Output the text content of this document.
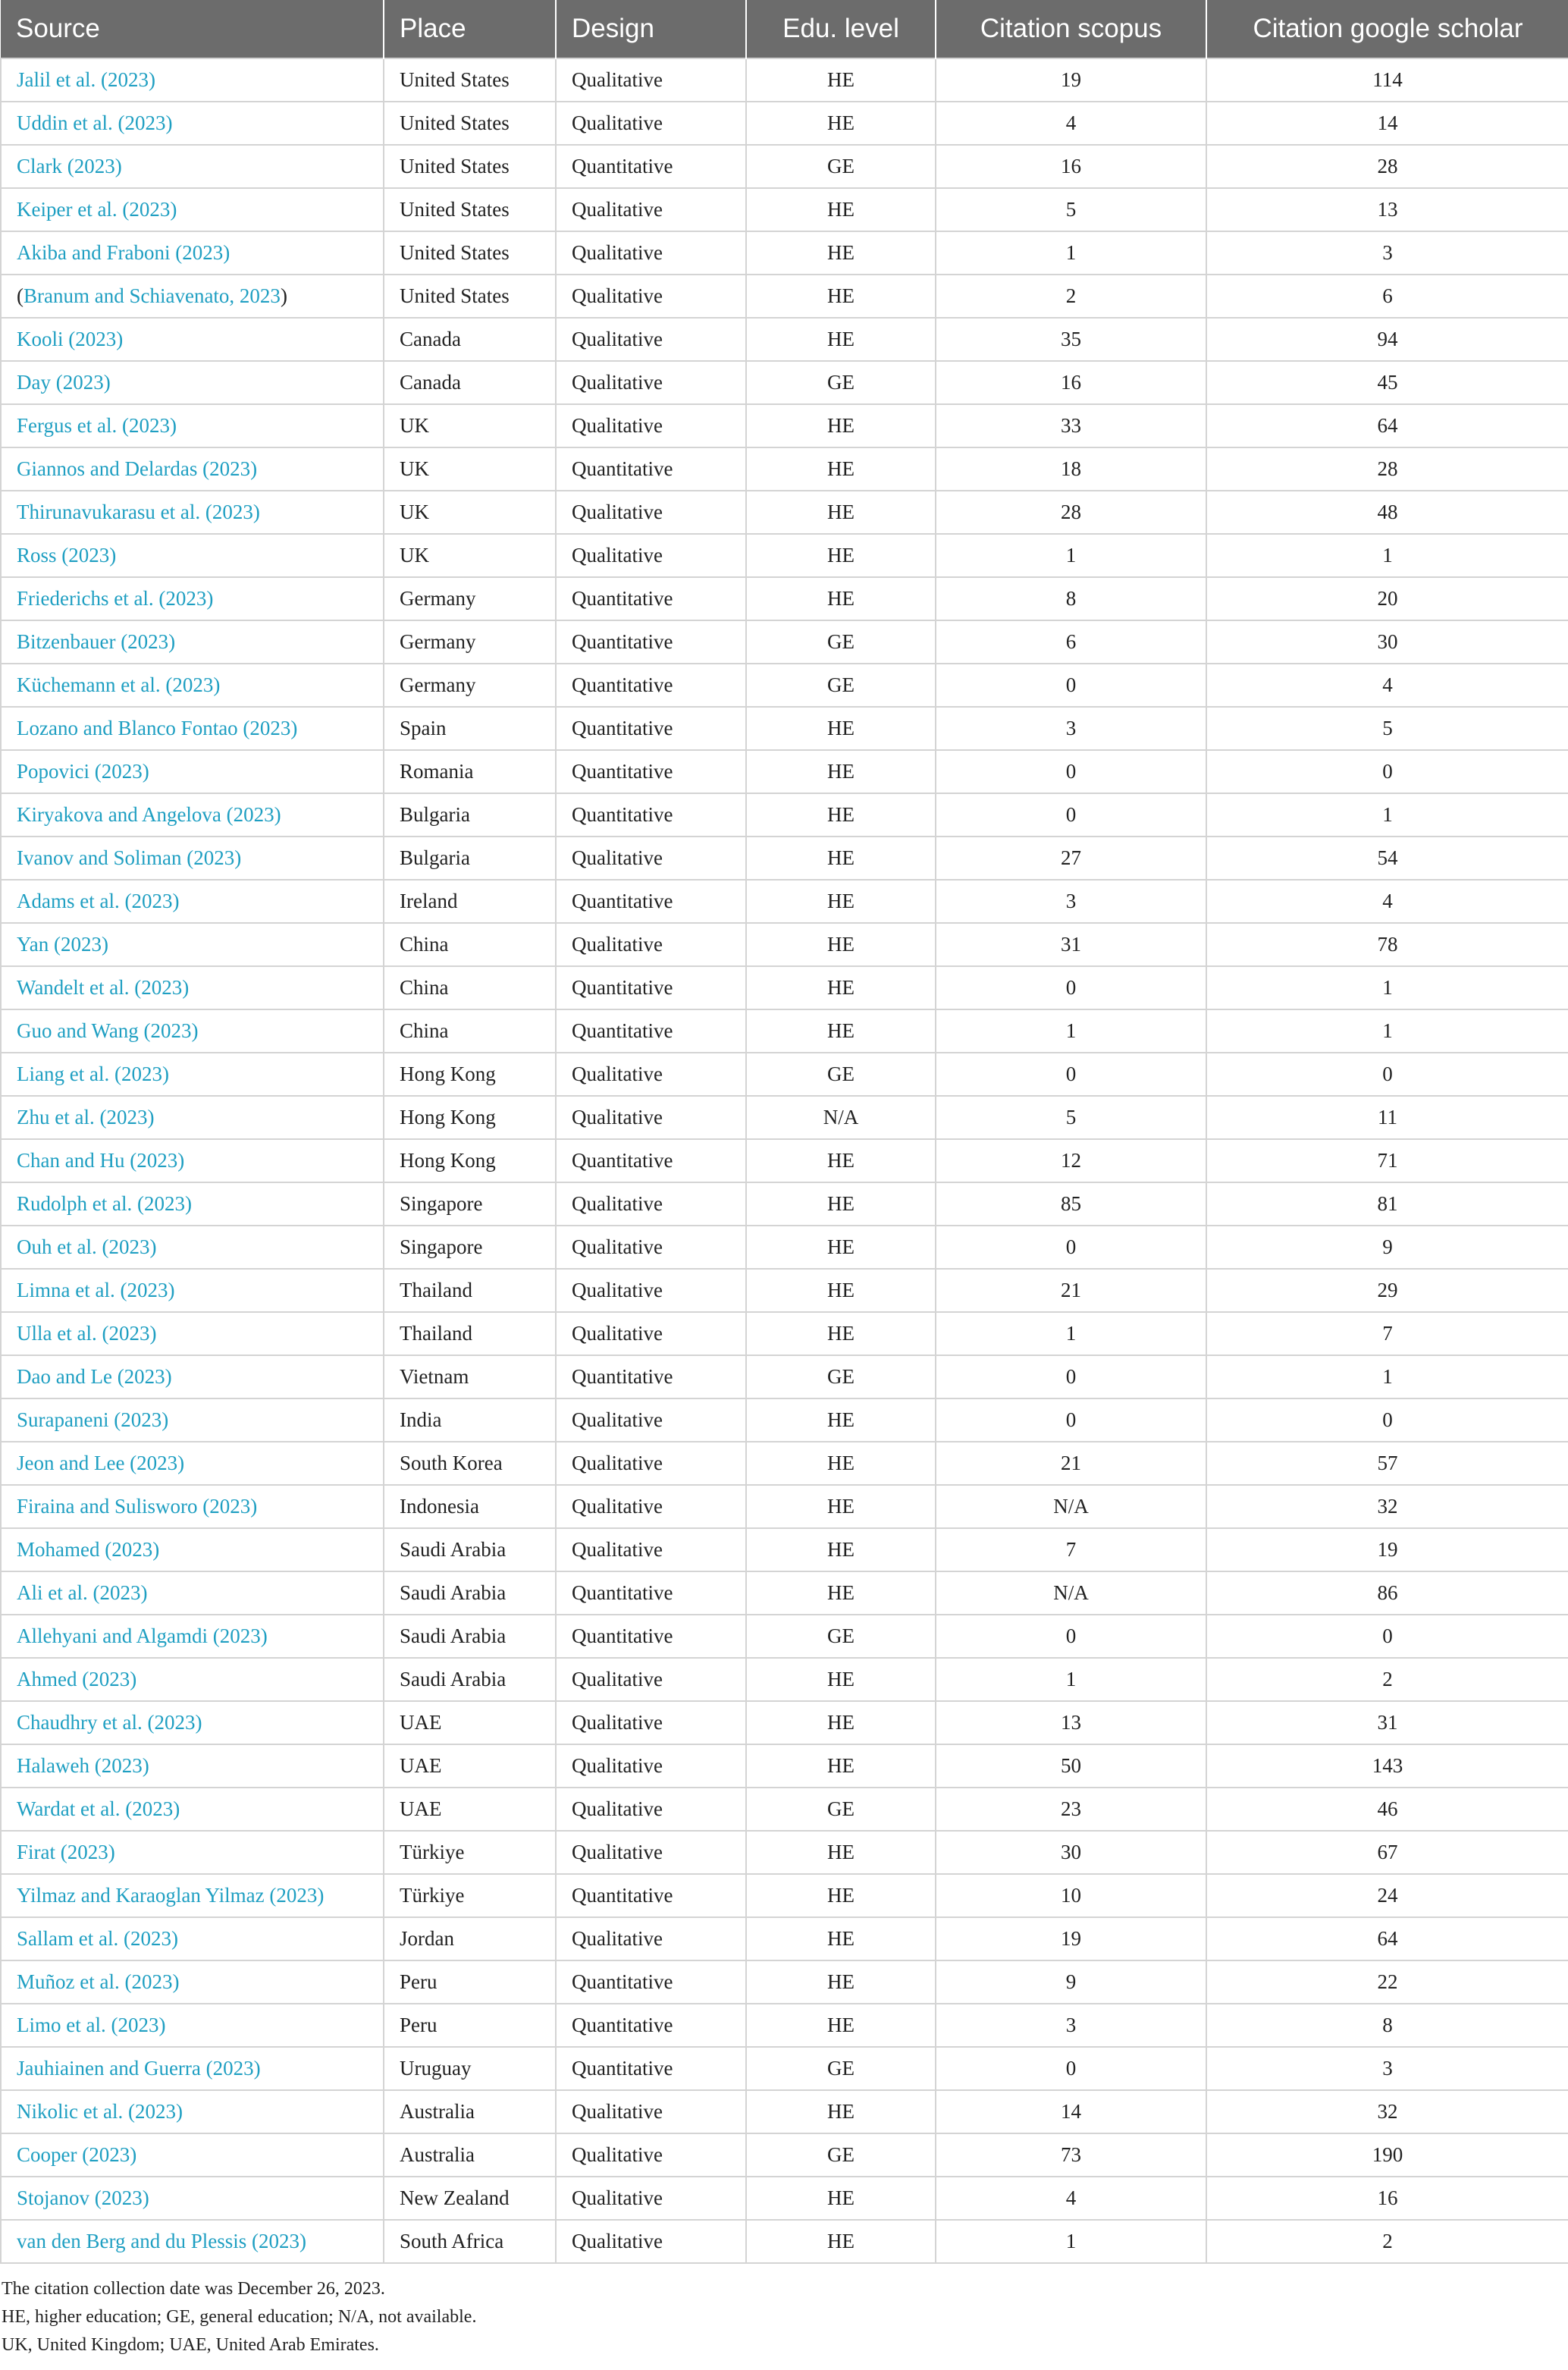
Source	Place	Design	Edu. level	Citation scopus	Citation google scholar
Jalil et al. (2023)	United States	Qualitative	HE	19	114
Uddin et al. (2023)	United States	Qualitative	HE	4	14
Clark (2023)	United States	Quantitative	GE	16	28
Keiper et al. (2023)	United States	Qualitative	HE	5	13
Akiba and Fraboni (2023)	United States	Qualitative	HE	1	3
(Branum and Schiavenato, 2023)	United States	Qualitative	HE	2	6
Kooli (2023)	Canada	Qualitative	HE	35	94
Day (2023)	Canada	Qualitative	GE	16	45
Fergus et al. (2023)	UK	Qualitative	HE	33	64
Giannos and Delardas (2023)	UK	Quantitative	HE	18	28
Thirunavukarasu et al. (2023)	UK	Qualitative	HE	28	48
Ross (2023)	UK	Qualitative	HE	1	1
Friederichs et al. (2023)	Germany	Quantitative	HE	8	20
Bitzenbauer (2023)	Germany	Quantitative	GE	6	30
Küchemann et al. (2023)	Germany	Quantitative	GE	0	4
Lozano and Blanco Fontao (2023)	Spain	Quantitative	HE	3	5
Popovici (2023)	Romania	Quantitative	HE	0	0
Kiryakova and Angelova (2023)	Bulgaria	Quantitative	HE	0	1
Ivanov and Soliman (2023)	Bulgaria	Qualitative	HE	27	54
Adams et al. (2023)	Ireland	Quantitative	HE	3	4
Yan (2023)	China	Qualitative	HE	31	78
Wandelt et al. (2023)	China	Quantitative	HE	0	1
Guo and Wang (2023)	China	Quantitative	HE	1	1
Liang et al. (2023)	Hong Kong	Qualitative	GE	0	0
Zhu et al. (2023)	Hong Kong	Qualitative	N/A	5	11
Chan and Hu (2023)	Hong Kong	Quantitative	HE	12	71
Rudolph et al. (2023)	Singapore	Qualitative	HE	85	81
Ouh et al. (2023)	Singapore	Qualitative	HE	0	9
Limna et al. (2023)	Thailand	Qualitative	HE	21	29
Ulla et al. (2023)	Thailand	Qualitative	HE	1	7
Dao and Le (2023)	Vietnam	Quantitative	GE	0	1
Surapaneni (2023)	India	Qualitative	HE	0	0
Jeon and Lee (2023)	South Korea	Qualitative	HE	21	57
Firaina and Sulisworo (2023)	Indonesia	Qualitative	HE	N/A	32
Mohamed (2023)	Saudi Arabia	Qualitative	HE	7	19
Ali et al. (2023)	Saudi Arabia	Quantitative	HE	N/A	86
Allehyani and Algamdi (2023)	Saudi Arabia	Quantitative	GE	0	0
Ahmed (2023)	Saudi Arabia	Qualitative	HE	1	2
Chaudhry et al. (2023)	UAE	Qualitative	HE	13	31
Halaweh (2023)	UAE	Qualitative	HE	50	143
Wardat et al. (2023)	UAE	Qualitative	GE	23	46
Firat (2023)	Türkiye	Qualitative	HE	30	67
Yilmaz and Karaoglan Yilmaz (2023)	Türkiye	Quantitative	HE	10	24
Sallam et al. (2023)	Jordan	Qualitative	HE	19	64
Muñoz et al. (2023)	Peru	Quantitative	HE	9	22
Limo et al. (2023)	Peru	Quantitative	HE	3	8
Jauhiainen and Guerra (2023)	Uruguay	Quantitative	GE	0	3
Nikolic et al. (2023)	Australia	Qualitative	HE	14	32
Cooper (2023)	Australia	Qualitative	GE	73	190
Stojanov (2023)	New Zealand	Qualitative	HE	4	16
van den Berg and du Plessis (2023)	South Africa	Qualitative	HE	1	2
The citation collection date was December 26, 2023.
HE, higher education; GE, general education; N/A, not available.
UK, United Kingdom; UAE, United Arab Emirates.
